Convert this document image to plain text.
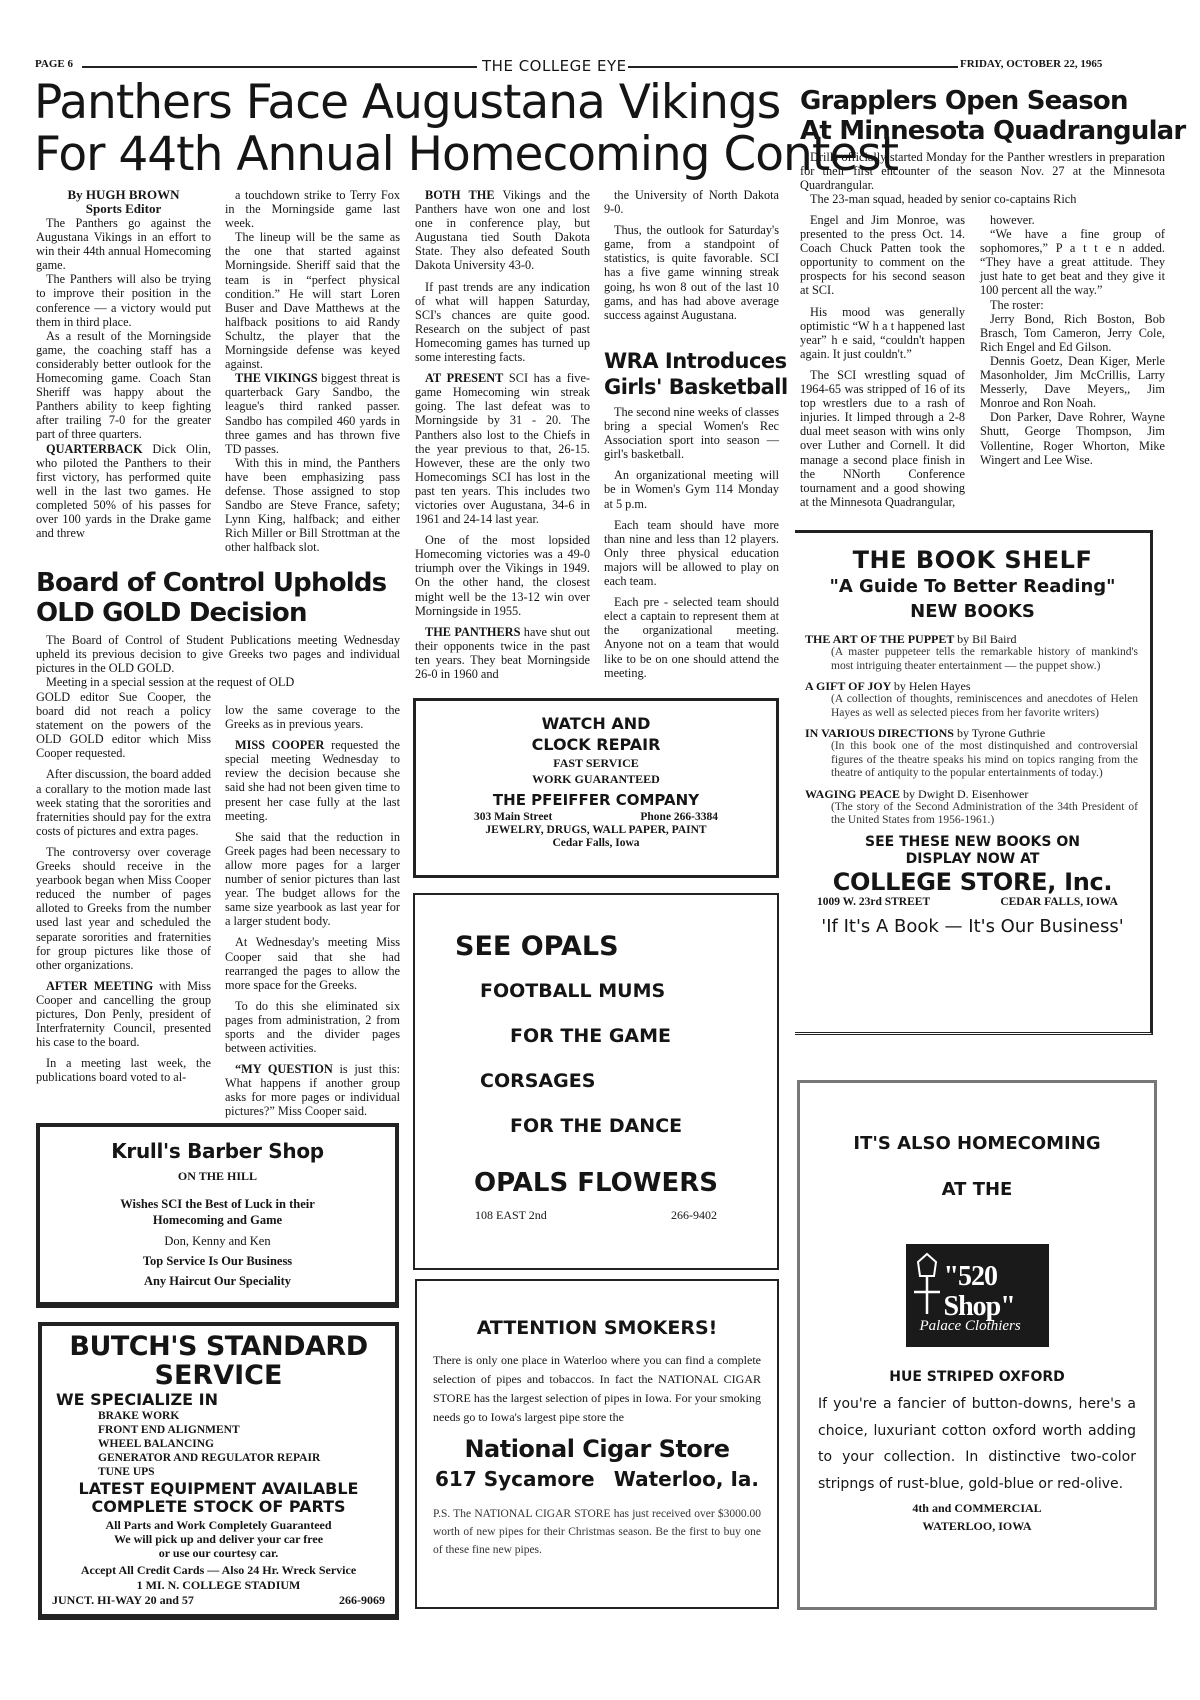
PAGE 6	THE COLLEGE EYE	FRIDAY, OCTOBER 22, 1965
Panthers Face Augustana Vikings
For 44th Annual Homecoming Contest
By HUGH BROWN
Sports Editor

The Panthers go against the Augustana Vikings in an effort to win their 44th annual Homecoming game.

The Panthers will also be trying to improve their position in the conference — a victory would put them in third place.

As a result of the Morningside game, the coaching staff has a considerably better outlook for the Homecoming game. Coach Stan Sheriff was happy about the Panthers ability to keep fighting after trailing 7-0 for the greater part of three quarters.

QUARTERBACK Dick Olin, who piloted the Panthers to their first victory, has performed quite well in the last two games. He completed 50% of his passes for over 100 yards in the Drake game and threw

a touchdown strike to Terry Fox in the Morningside game last week.

The lineup will be the same as the one that started against Morningside. Sheriff said that the team is in “perfect physical condition.” He will start Loren Buser and Dave Matthews at the halfback positions to aid Randy Schultz, the player that the Morningside defense was keyed against.

THE VIKINGS biggest threat is quarterback Gary Sandbo, the league's third ranked passer. Sandbo has compiled 460 yards in three games and has thrown five TD passes.

With this in mind, the Panthers have been emphasizing pass defense. Those assigned to stop Sandbo are Steve France, safety; Lynn King, halfback; and either Rich Miller or Bill Strottman at the other halfback slot.

BOTH THE Vikings and the Panthers have won one and lost one in conference play, but Augustana tied South Dakota State. They also defeated South Dakota University 43-0.

If past trends are any indication of what will happen Saturday, SCI's chances are quite good. Research on the subject of past Homecoming games has turned up some interesting facts.

AT PRESENT SCI has a five-game Homecoming win streak going. The last defeat was to Morningside by 31 - 20. The Panthers also lost to the Chiefs in the year previous to that, 26-15. However, these are the only two Homecomings SCI has lost in the past ten years. This includes two victories over Augustana, 34-6 in 1961 and 24-14 last year.

One of the most lopsided Homecoming victories was a 49-0 triumph over the Vikings in 1949. On the other hand, the closest might well be the 13-12 win over Morningside in 1955.

THE PANTHERS have shut out their opponents twice in the past ten years. They beat Morningside 26-0 in 1960 and

the University of North Dakota 9-0.

Thus, the outlook for Saturday's game, from a standpoint of statistics, is quite favorable. SCI has a five game winning streak going, hs won 8 out of the last 10 gams, and has had above average success against Augustana.

WRA Introduces
Girls' Basketball

The second nine weeks of classes bring a special Women's Rec Association sport into season — girl's basketball.

An organizational meeting will be in Women's Gym 114 Monday at 5 p.m.

Each team should have more than nine and less than 12 players. Only three physical education majors will be allowed to play on each team.

Each pre - selected team should elect a captain to represent them at the organizational meeting. Anyone not on a team that would like to be on one should attend the meeting.

Grapplers Open Season
At Minnesota Quadrangular

Drills officially started Monday for the Panther wrestlers in preparation for their first encounter of the season Nov. 27 at the Minnesota Quardrangular.

The 23-man squad, headed by senior co-captains Rich

Engel and Jim Monroe, was presented to the press Oct. 14. Coach Chuck Patten took the opportunity to comment on the prospects for his second season at SCI.

His mood was generally optimistic “W h a t happened last year” h e said, “couldn't happen again. It just couldn't.”

The SCI wrestling squad of 1964-65 was stripped of 16 of its top wrestlers due to a rash of injuries. It limped through a 2-8 dual meet season with wins only over Luther and Cornell. It did manage a second place finish in the NNorth Conference tournament and a good showing at the Minnesota Quadrangular,

however.

“We have a fine group of sophomores,” P a t t e n added. “They have a great attitude. They just hate to get beat and they give it 100 percent all the way.”

The roster:

Jerry Bond, Rich Boston, Bob Brasch, Tom Cameron, Jerry Cole, Rich Engel and Ed Gilson.

Dennis Goetz, Dean Kiger, Merle Masonholder, Jim McCrillis, Larry Messerly, Dave Meyers,, Jim Monroe and Ron Noah.

Don Parker, Dave Rohrer, Wayne Shutt, George Thompson, Jim Vollentine, Roger Whorton, Mike Wingert and Lee Wise.

Board of Control Upholds
OLD GOLD Decision

The Board of Control of Student Publications meeting Wednesday upheld its previous decision to give Greeks two pages and individual pictures in the OLD GOLD.

Meeting in a special session at the request of OLD

GOLD editor Sue Cooper, the board did not reach a policy statement on the powers of the OLD GOLD editor which Miss Cooper requested.

After discussion, the board added a corallary to the motion made last week stating that the sororities and fraternities should pay for the extra costs of pictures and extra pages.

The controversy over coverage Greeks should receive in the yearbook began when Miss Cooper reduced the number of pages alloted to Greeks from the number used last year and scheduled the separate sororities and fraternities for group pictures like those of other organizations.

AFTER MEETING with Miss Cooper and cancelling the group pictures, Don Penly, president of Interfraternity Council, presented his case to the board.

In a meeting last week, the publications board voted to al-

low the same coverage to the Greeks as in previous years.

MISS COOPER requested the special meeting Wednesday to review the decision because she said she had not been given time to present her case fully at the last meeting.

She said that the reduction in Greek pages had been necessary to allow more pages for a larger number of senior pictures than last year. The budget allows for the same size yearbook as last year for a larger student body.

At Wednesday's meeting Miss Cooper said that she had rearranged the pages to allow the more space for the Greeks.

To do this she eliminated six pages from administration, 2 from sports and the divider pages between activities.

“MY QUESTION is just this: What happens if another group asks for more pages or individual pictures?” Miss Cooper said.

WATCH AND
CLOCK REPAIR
FAST SERVICE
WORK GUARANTEED
THE PFEIFFER COMPANY
303 Main Street	Phone 266-3384
JEWELRY, DRUGS, WALL PAPER, PAINT
Cedar Falls, Iowa
SEE OPALS
FOOTBALL MUMS
FOR THE GAME
CORSAGES
FOR THE DANCE
OPALS FLOWERS
108 EAST 2nd	266-9402
ATTENTION SMOKERS!
There is only one place in Waterloo where you can find a complete selection of pipes and tobaccos. In fact the NATIONAL CIGAR STORE has the largest selection of pipes in Iowa. For your smoking needs go to Iowa's largest pipe store the
National Cigar Store
617 Sycamore Waterloo, Ia.
P.S. The NATIONAL CIGAR STORE has just received over $3000.00 worth of new pipes for their Christmas season. Be the first to buy one of these fine new pipes.
Krull's Barber Shop
ON THE HILL
Wishes SCI the Best of Luck in their
Homecoming and Game
Don, Kenny and Ken
Top Service Is Our Business
Any Haircut Our Speciality
BUTCH'S STANDARD
SERVICE
WE SPECIALIZE IN
BRAKE WORK
FRONT END ALIGNMENT
WHEEL BALANCING
GENERATOR AND REGULATOR REPAIR
TUNE UPS
LATEST EQUIPMENT AVAILABLE
COMPLETE STOCK OF PARTS
All Parts and Work Completely Guaranteed
We will pick up and deliver your car free
or use our courtesy car.
Accept All Credit Cards — Also 24 Hr. Wreck Service
1 MI. N. COLLEGE STADIUM
JUNCT. HI-WAY 20 and 57	266-9069
THE BOOK SHELF
"A Guide To Better Reading"
NEW BOOKS
THE ART OF THE PUPPET by Bil Baird
(A master puppeteer tells the remarkable history of mankind's most intriguing theater entertainment — the puppet show.)
A GIFT OF JOY by Helen Hayes
(A collection of thoughts, reminiscences and anecdotes of Helen Hayes as well as selected pieces from her favorite writers)
IN VARIOUS DIRECTIONS by Tyrone Guthrie
(In this book one of the most distinquished and controversial figures of the theatre speaks his mind on topics ranging from the theatre of antiquity to the popular entertainments of today.)
WAGING PEACE by Dwight D. Eisenhower
(The story of the Second Administration of the 34th President of the United States from 1956-1961.)
SEE THESE NEW BOOKS ON
DISPLAY NOW AT
COLLEGE STORE, Inc.
1009 W. 23rd STREET	CEDAR FALLS, IOWA
'If It's A Book — It's Our Business'
IT'S ALSO HOMECOMING
AT THE
"520 Shop"
Palace Clothiers
HUE STRIPED OXFORD
If you're a fancier of button-downs, here's a choice, luxuriant cotton oxford worth adding to your collection. In distinctive two-color stripngs of rust-blue, gold-blue or red-olive.
4th and COMMERCIAL
WATERLOO, IOWA
